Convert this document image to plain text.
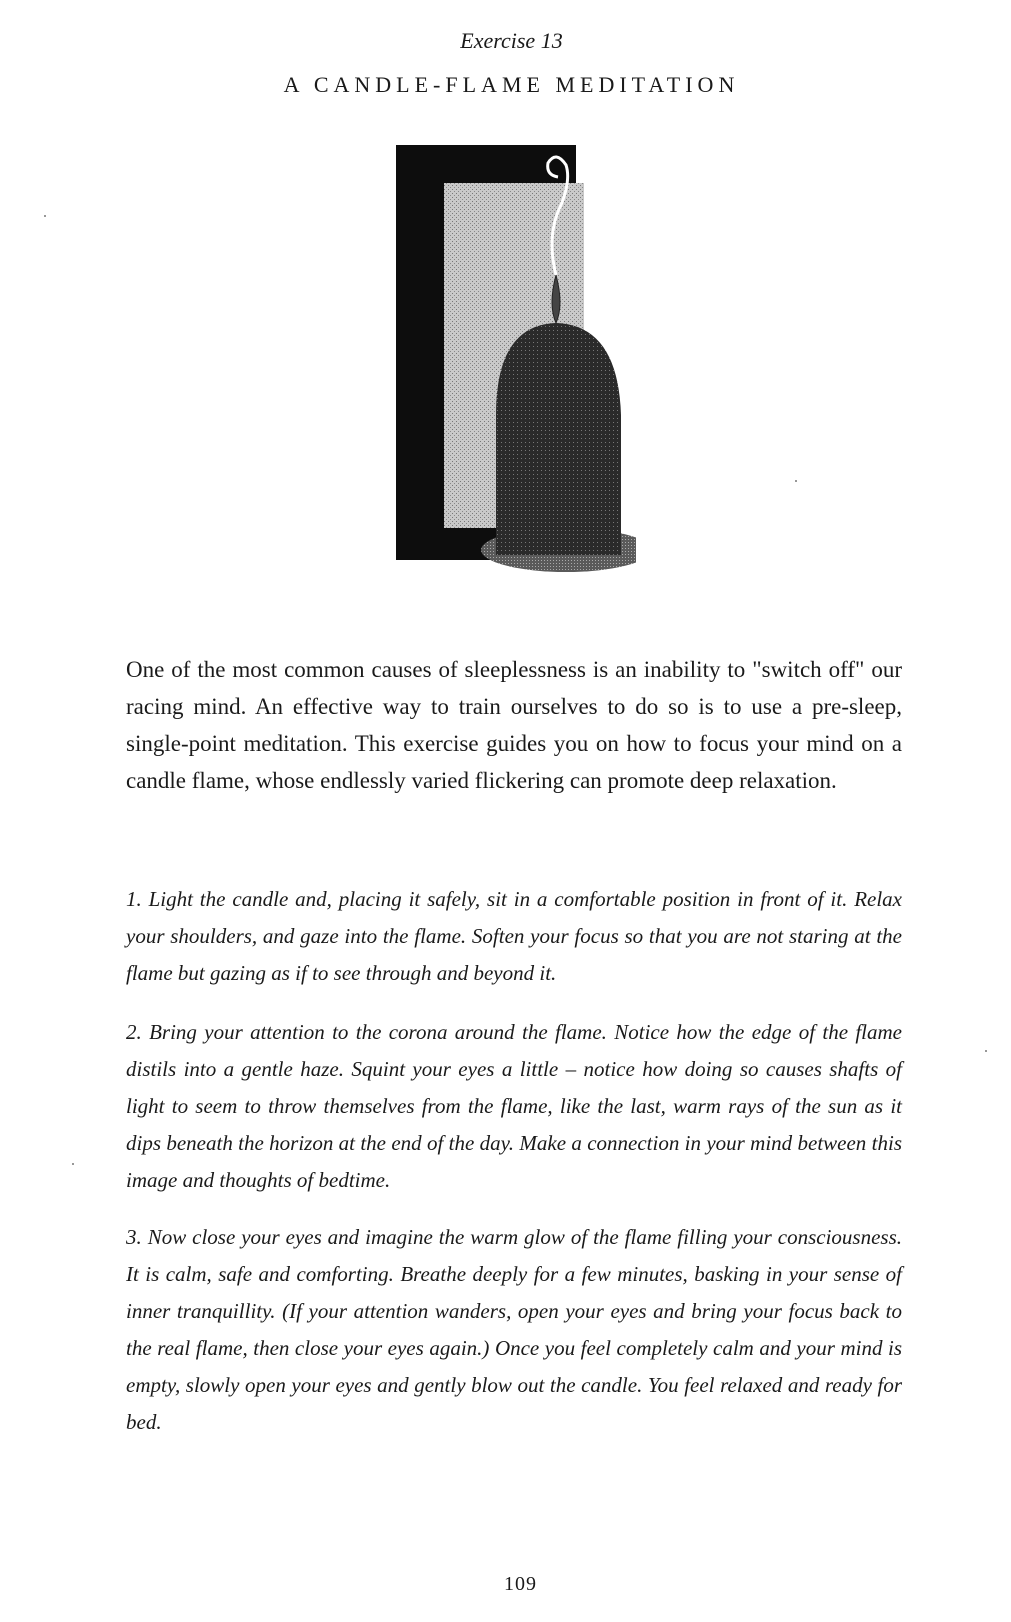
Exercise 13
A CANDLE-FLAME MEDITATION

One of the most common causes of sleeplessness is an inability to "switch off" our racing mind. An effective way to train ourselves to do so is to use a pre-sleep, single-point meditation. This exercise guides you on how to focus your mind on a candle flame, whose endlessly varied flickering can promote deep relaxation.

1. Light the candle and, placing it safely, sit in a comfortable position in front of it. Relax your shoulders, and gaze into the flame. Soften your focus so that you are not staring at the flame but gazing as if to see through and beyond it.

2. Bring your attention to the corona around the flame. Notice how the edge of the flame distils into a gentle haze. Squint your eyes a little – notice how doing so causes shafts of light to seem to throw themselves from the flame, like the last, warm rays of the sun as it dips beneath the horizon at the end of the day. Make a connection in your mind between this image and thoughts of bedtime.

3. Now close your eyes and imagine the warm glow of the flame filling your consciousness. It is calm, safe and comforting. Breathe deeply for a few minutes, basking in your sense of inner tranquillity. (If your attention wanders, open your eyes and bring your focus back to the real flame, then close your eyes again.) Once you feel completely calm and your mind is empty, slowly open your eyes and gently blow out the candle. You feel relaxed and ready for bed.

109
